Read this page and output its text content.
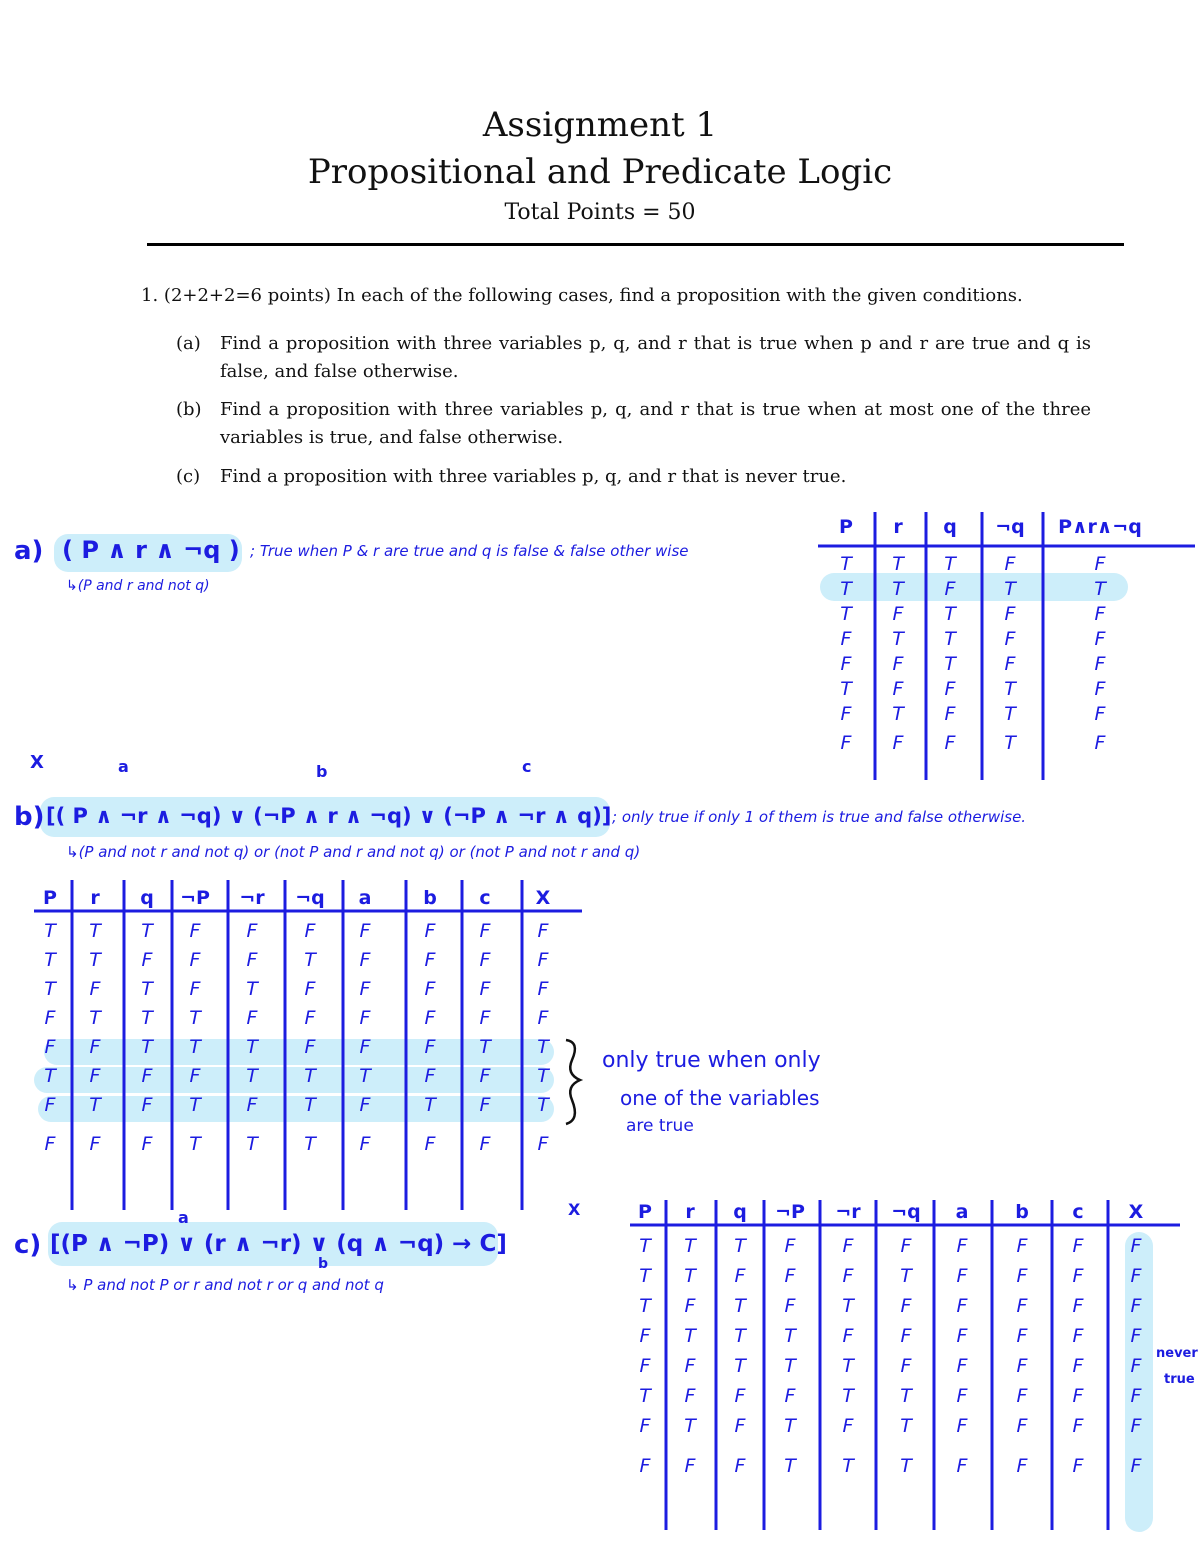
Assignment 1
Propositional and Predicate Logic
Total Points = 50
1. (2+2+2=6 points) In each of the following cases, find a proposition with the given conditions.
(a) Find a proposition with three variables p, q, and r that is true when p and r are true and q is false, and false otherwise.
(b) Find a proposition with three variables p, q, and r that is true when at most one of the three variables is true, and false otherwise.
(c) Find a proposition with three variables p, q, and r that is never true.
a) ( P ∧ r ∧ ¬q ) ; True when P & r are true and q is false & false other wise
↳(P and r and not q)
X	a	b	c
b) [( P ∧ ¬r ∧ ¬q) ∨ (¬P ∧ r ∧ ¬q) ∨ (¬P ∧ ¬r ∧ q)] ; only true if only 1 of them is true and false otherwise.
↳(P and not r and not q) or (not P and r and not q) or (not P and not r and q)
only true when only
one of the variables
are true
a
b
X
c) [(P ∧ ¬P) ∨ (r ∧ ¬r) ∨ (q ∧ ¬q) → C]
↳ P and not P or r and not r or q and not q
never
true
P r q ¬q P∧r∧¬q
T T T	F	F
T T F	T	T
T F T	F	F
F T T	F	F
F F T	F	F
T F F	T	F
F T F	T	F
F F F	T	F
P r q ¬P ¬r ¬q a	b c X
T T T F F F F	F F F
T T F F F T F	F F F
T F T F T F F	F F F
F T T T F F F	F F F
F F T T T F F	F T T
T F F F T T T	F F T
F T F T F T F	T F T
F F F T T T F	F F F
P r q ¬P ¬r ¬q a b c X
T T T F F F F	F F F
T T F F F T F	F F F
T F T F T F F	F F F
F T T T F F F	F F F
F F T T T F F	F F F
T F F F T T F	F F F
F T F T F T F	F F F
F F F T T T F	F F F
